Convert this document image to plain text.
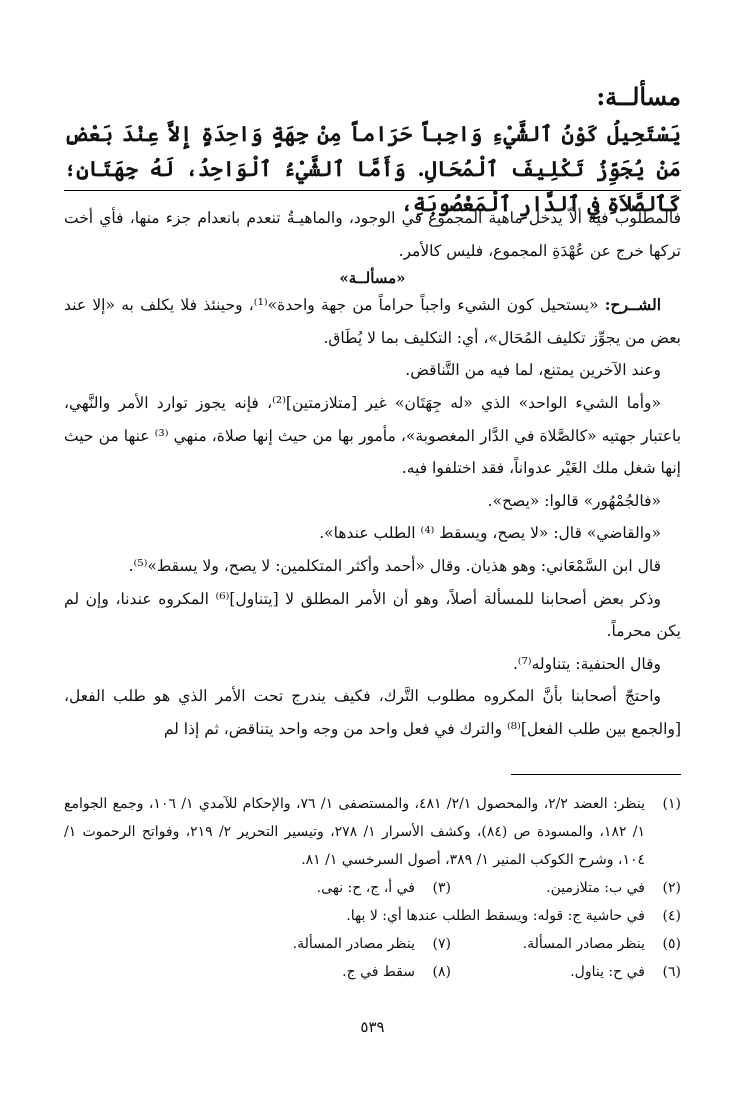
مسألــة:
يَسْتَحِيلُ كَوْنُ ٱلشَّيْءِ وَاجِباً حَرَاماً مِنْ جِهَةٍ وَاحِدَةٍ إِلاَّ عِنْدَ بَعْضِ مَنْ يُجَوِّزُ تَكْلِيفَ ٱلْمُحَالِ. وَأَمَّا ٱلشَّيْءُ ٱلْوَاحِدُ، لَهُ جِهَتَانِ؛ كَٱلصَّلاَةِ فِي ٱلدَّارِ ٱلْمَغْصُوبَةِ،

فالمطلوب فيه ألاّ يدخل ماهية المجموع في الوجود، والماهيـةُ تنعدم بانعدام جزء منها، فأي أخت تركها خرج عن عُهْدَةِ المجموع، فليس كالأمر.

«مسألــة»

الشــرح: «يستحيل كون الشيء واجباً حراماً من جهة واحدة»⁽¹⁾، وحينئذ فلا يكلف به «إلا عند بعض من يجوِّز تكليف المُحَال»، أي: التكليف بما لا يُطَاق.

وعند الآخرين يمتنع، لما فيه من التَّناقض.

«وأما الشيء الواحد» الذي «له جِهَتَان» غير [متلازمتين]⁽²⁾، فإنه يجوز توارد الأمر والنَّهي، باعتبار جهتيه «كالصَّلاة في الدَّار المغصوبة»، مأمور بها من حيث إنها صلاة، منهي ⁽³⁾ عنها من حيث إنها شغل ملك الغَيْر عدواناً، فقد اختلفوا فيه.

«فالجُمْهُور» قالوا: «يصح».

«والقاضي» قال: «لا يصح، ويسقط ⁽⁴⁾ الطلب عندها».

قال ابن السَّمْعَاني: وهو هذيان. وقال «أحمد وأكثر المتكلمين: لا يصح، ولا يسقط»⁽⁵⁾.

وذكر بعض أصحابنا للمسألة أصلاً، وهو أن الأمر المطلق لا [يتناول]⁽⁶⁾ المكروه عندنا، وإن لم يكن محرماً.

وقال الحنفية: يتناوله⁽⁷⁾.

واحتجّ أصحابنا بأنَّ المكروه مطلوب التَّرك، فكيف يندرج تحت الأمر الذي هو طلب الفعل، [والجمع بين طلب الفعل]⁽⁸⁾ والترك في فعل واحد من وجه واحد يتناقض، ثم إذا لم

(١)
ينظر: العضد ٢/٢، والمحصول ٢/١/ ٤٨١، والمستصفى ١/ ٧٦، والإحكام للآمدي ١/ ١٠٦، وجمع الجوامع ١/ ١٨٢، والمسودة ص (٨٤)، وكشف الأسرار ١/ ٢٧٨، وتيسير التحرير ٢/ ٢١٩، وفواتح الرحموت ١/ ١٠٤، وشرح الكوكب المنير ١/ ٣٨٩، أصول السرخسي ١/ ٨١.
(٢)
في ب: متلازمين.
(٣)
في أ، ج، ح: نهى.
(٤)
في حاشية ج: قوله: ويسقط الطلب عندها أي: لا بها.
(٥)
ينظر مصادر المسألة.
(٧)
ينظر مصادر المسألة.
(٦)
في ح: يناول.
(٨)
سقط في ج.
٥٣٩
